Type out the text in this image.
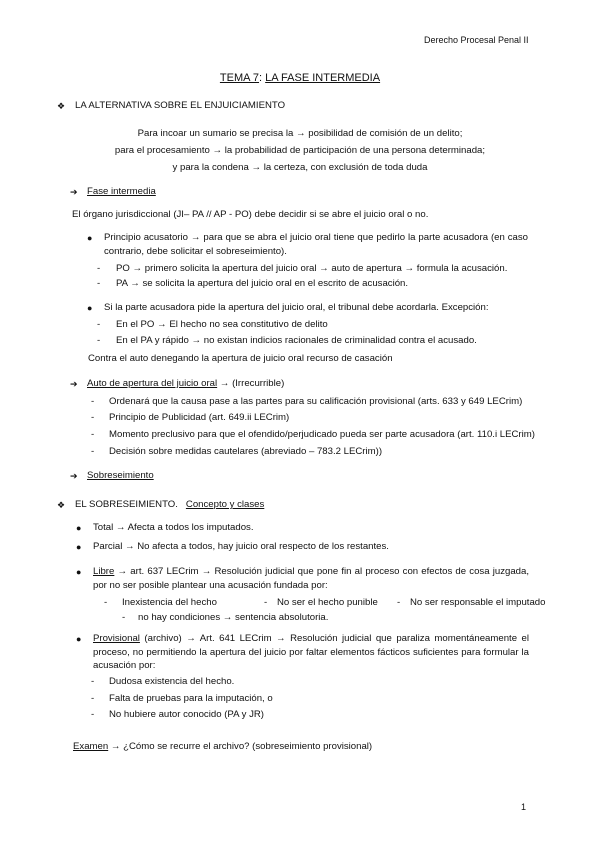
Derecho Procesal Penal II
TEMA 7: LA FASE INTERMEDIA
❖ LA ALTERNATIVA SOBRE EL ENJUICIAMIENTO
Para incoar un sumario se precisa la → posibilidad de comisión de un delito;
para el procesamiento → la probabilidad de participación de una persona determinada;
y para la condena → la certeza, con exclusión de toda duda
➔ Fase intermedia
El órgano jurisdiccional (JI– PA // AP - PO) debe decidir si se abre el juicio oral o no.
● Principio acusatorio → para que se abra el juicio oral tiene que pedirlo la parte acusadora (en caso contrario, debe solicitar el sobreseimiento).
- PO → primero solicita la apertura del juicio oral → auto de apertura → formula la acusación.
- PA → se solicita la apertura del juicio oral en el escrito de acusación.
● Si la parte acusadora pide la apertura del juicio oral, el tribunal debe acordarla. Excepción:
- En el PO → El hecho no sea constitutivo de delito
- En el PA y rápido → no existan indicios racionales de criminalidad contra el acusado.
Contra el auto denegando la apertura de juicio oral recurso de casación
➔ Auto de apertura del juicio oral → (Irrecurrible)
- Ordenará que la causa pase a las partes para su calificación provisional (arts. 633 y 649 LECrim)
- Principio de Publicidad (art. 649.ii LECrim)
- Momento preclusivo para que el ofendido/perjudicado pueda ser parte acusadora (art. 110.i LECrim)
- Decisión sobre medidas cautelares (abreviado – 783.2 LECrim))
➔ Sobreseimiento
❖ EL SOBRESEIMIENTO. Concepto y clases
● Total → Afecta a todos los imputados.
● Parcial → No afecta a todos, hay juicio oral respecto de los restantes.
● Libre → art. 637 LECrim → Resolución judicial que pone fin al proceso con efectos de cosa juzgada, por no ser posible plantear una acusación fundada por:
- Inexistencia del hecho	- No ser el hecho punible - No ser responsable el imputado
- no hay condiciones → sentencia absolutoria.
● Provisional (archivo) → Art. 641 LECrim → Resolución judicial que paraliza momentáneamente el proceso, no permitiendo la apertura del juicio por faltar elementos fácticos suficientes para formular la acusación por:
- Dudosa existencia del hecho.
- Falta de pruebas para la imputación, o
- No hubiere autor conocido (PA y JR)
Examen → ¿Cómo se recurre el archivo? (sobreseimiento provisional)
1
